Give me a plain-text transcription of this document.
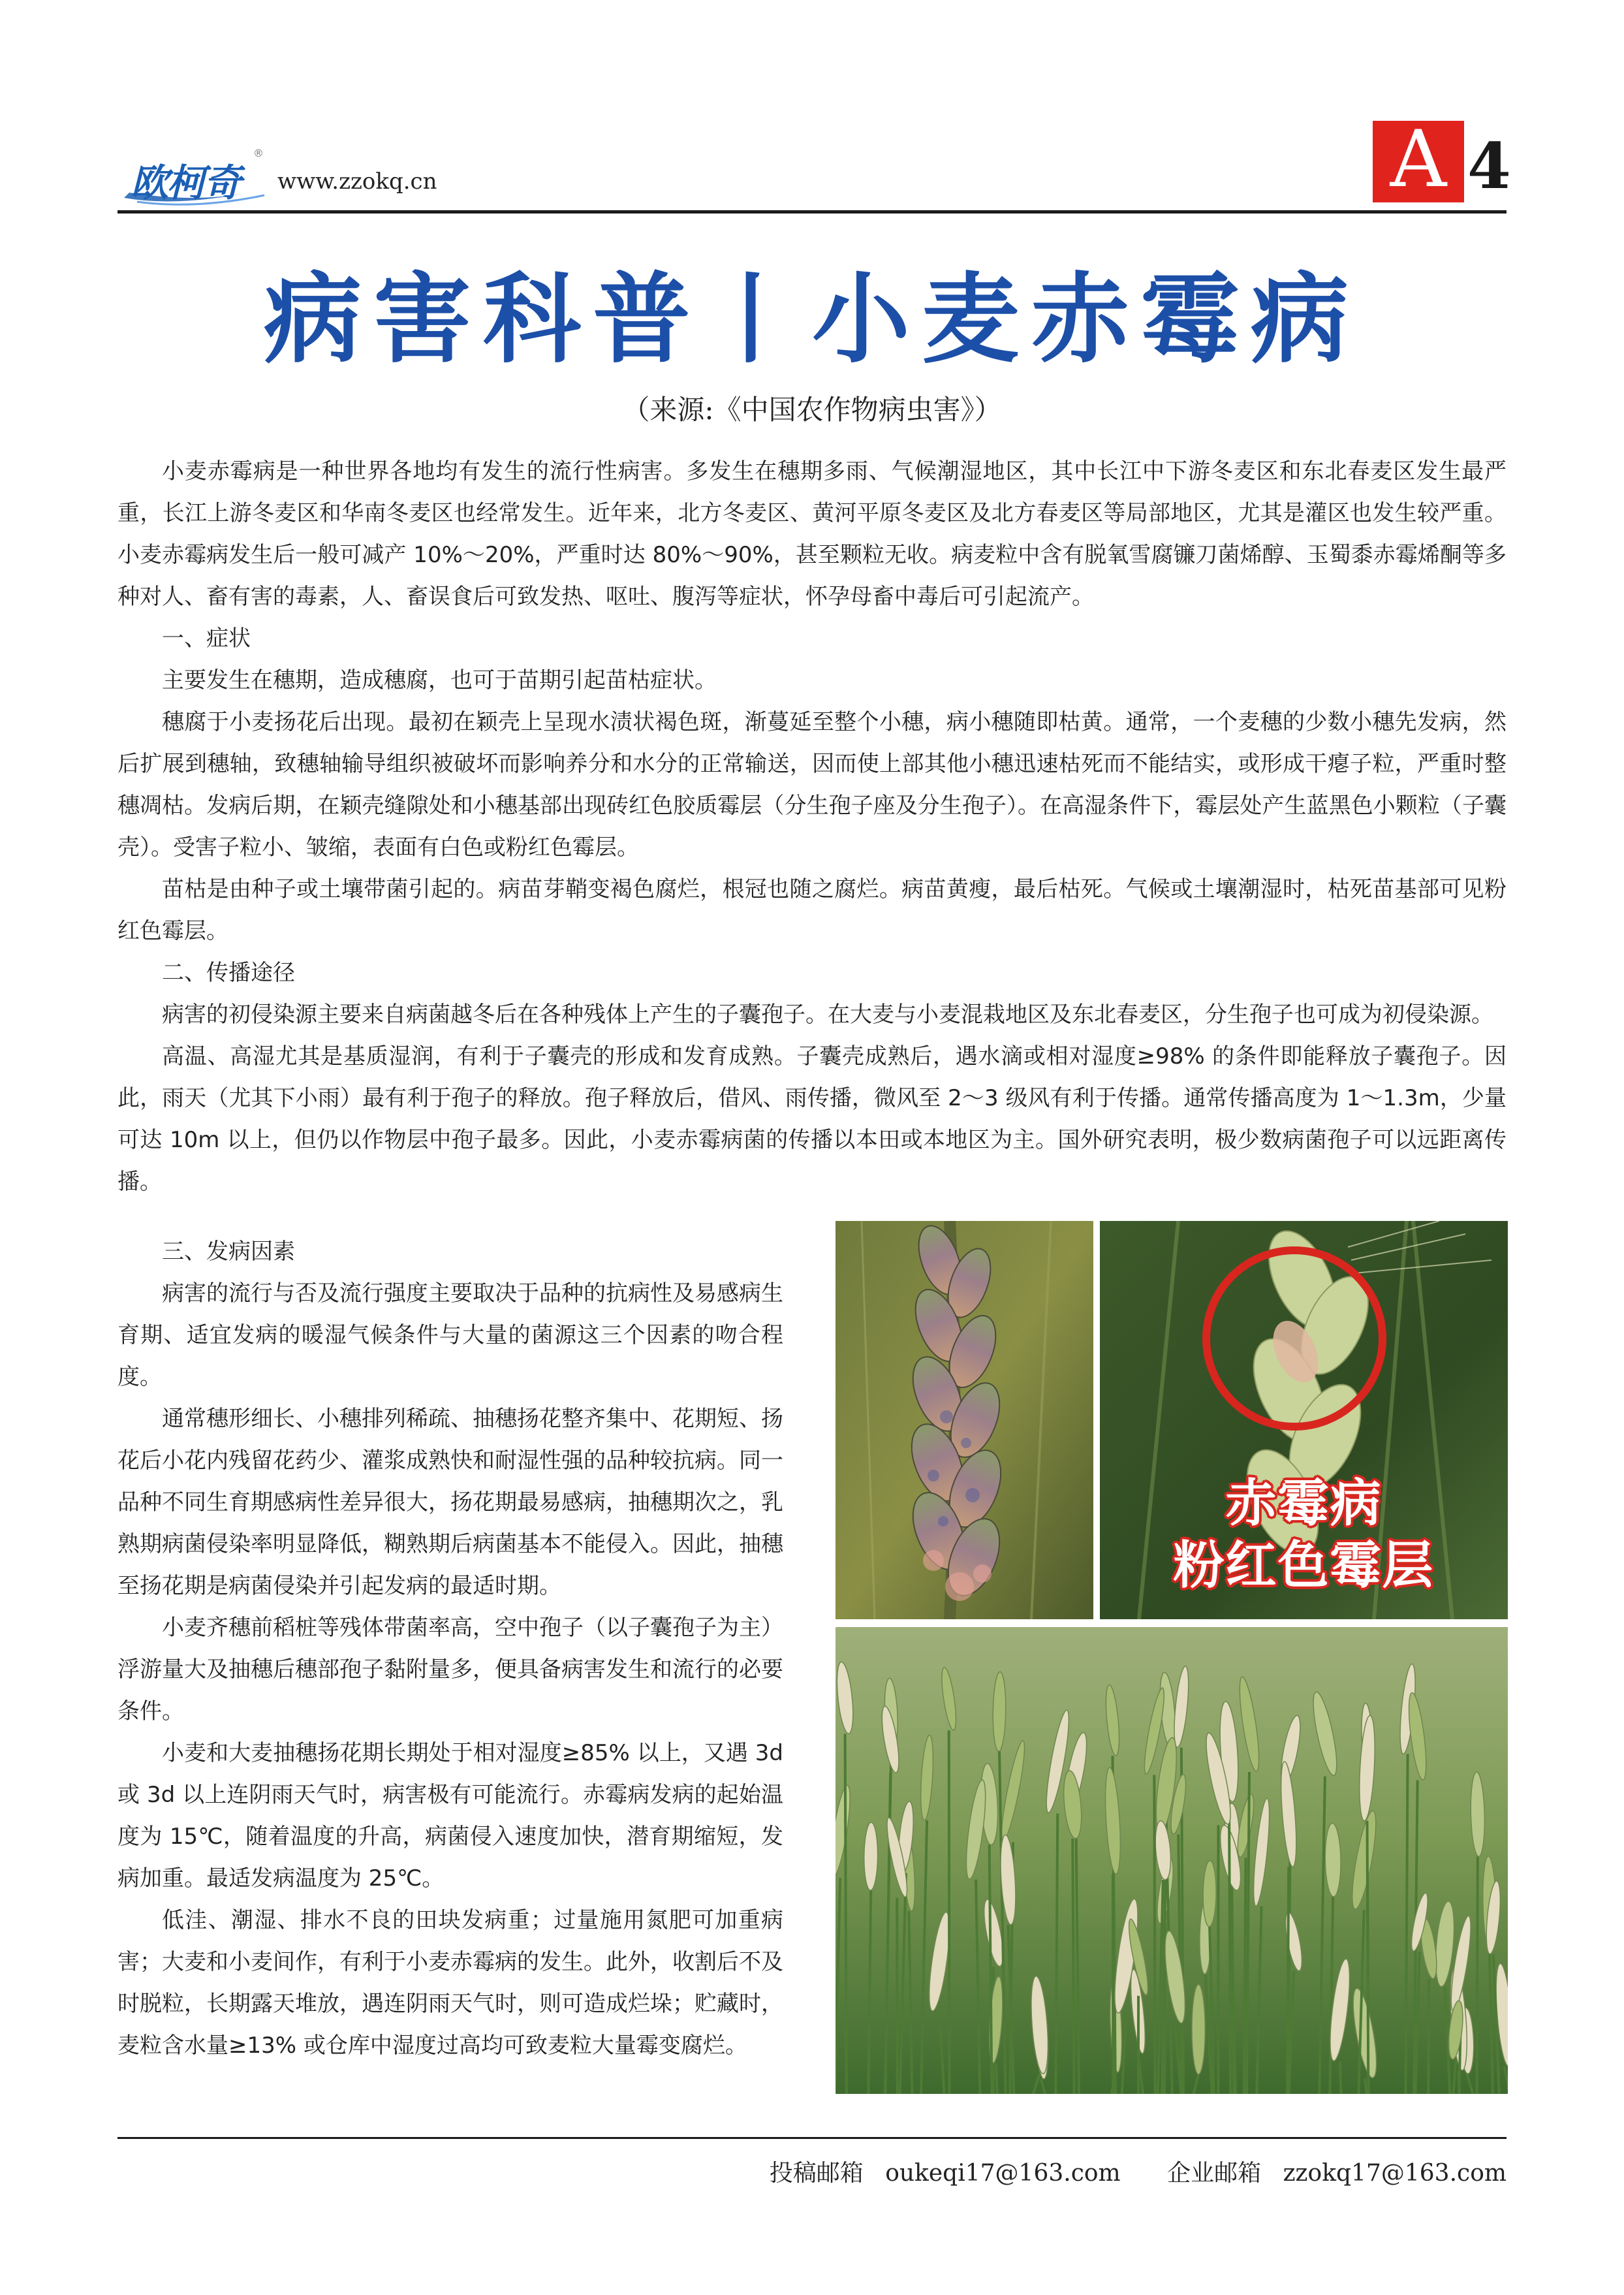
欧柯奇
®
www.zzokq.cn	A 4
病害科普丨小麦赤霉病
（来源:《中国农作物病虫害》）

小麦赤霉病是一种世界各地均有发生的流行性病害。多发生在穗期多雨、气候潮湿地区，其中长江中下游冬麦区和东北春麦区发生最严重，长江上游冬麦区和华南冬麦区也经常发生。近年来，北方冬麦区、黄河平原冬麦区及北方春麦区等局部地区，尤其是灌区也发生较严重。小麦赤霉病发生后一般可减产 10%～20%，严重时达 80%～90%，甚至颗粒无收。病麦粒中含有脱氧雪腐镰刀菌烯醇、玉蜀黍赤霉烯酮等多种对人、畜有害的毒素，人、畜误食后可致发热、呕吐、腹泻等症状，怀孕母畜中毒后可引起流产。

一、症状

主要发生在穗期，造成穗腐，也可于苗期引起苗枯症状。

穗腐于小麦扬花后出现。最初在颖壳上呈现水渍状褐色斑，渐蔓延至整个小穗，病小穗随即枯黄。通常，一个麦穗的少数小穗先发病，然后扩展到穗轴，致穗轴输导组织被破坏而影响养分和水分的正常输送，因而使上部其他小穗迅速枯死而不能结实，或形成干瘪子粒，严重时整穗凋枯。发病后期，在颖壳缝隙处和小穗基部出现砖红色胶质霉层（分生孢子座及分生孢子）。在高湿条件下，霉层处产生蓝黑色小颗粒（子囊壳）。受害子粒小、皱缩，表面有白色或粉红色霉层。

苗枯是由种子或土壤带菌引起的。病苗芽鞘变褐色腐烂，根冠也随之腐烂。病苗黄瘦，最后枯死。气候或土壤潮湿时，枯死苗基部可见粉红色霉层。

二、传播途径

病害的初侵染源主要来自病菌越冬后在各种残体上产生的子囊孢子。在大麦与小麦混栽地区及东北春麦区，分生孢子也可成为初侵染源。

高温、高湿尤其是基质湿润，有利于子囊壳的形成和发育成熟。子囊壳成熟后，遇水滴或相对湿度≥98% 的条件即能释放子囊孢子。因此，雨天（尤其下小雨）最有利于孢子的释放。孢子释放后，借风、雨传播，微风至 2～3 级风有利于传播。通常传播高度为 1～1.3m，少量可达 10m 以上，但仍以作物层中孢子最多。因此，小麦赤霉病菌的传播以本田或本地区为主。国外研究表明，极少数病菌孢子可以远距离传播。

三、发病因素

病害的流行与否及流行强度主要取决于品种的抗病性及易感病生育期、适宜发病的暖湿气候条件与大量的菌源这三个因素的吻合程度。

通常穗形细长、小穗排列稀疏、抽穗扬花整齐集中、花期短、扬花后小花内残留花药少、灌浆成熟快和耐湿性强的品种较抗病。同一品种不同生育期感病性差异很大，扬花期最易感病，抽穗期次之，乳熟期病菌侵染率明显降低，糊熟期后病菌基本不能侵入。因此，抽穗至扬花期是病菌侵染并引起发病的最适时期。

小麦齐穗前稻桩等残体带菌率高，空中孢子（以子囊孢子为主）浮游量大及抽穗后穗部孢子黏附量多，便具备病害发生和流行的必要条件。

小麦和大麦抽穗扬花期长期处于相对湿度≥85% 以上，又遇 3d 或 3d 以上连阴雨天气时，病害极有可能流行。赤霉病发病的起始温度为 15℃，随着温度的升高，病菌侵入速度加快，潜育期缩短，发病加重。最适发病温度为 25℃。

低洼、潮湿、排水不良的田块发病重；过量施用氮肥可加重病害；大麦和小麦间作，有利于小麦赤霉病的发生。此外，收割后不及时脱粒，长期露天堆放，遇连阴雨天气时，则可造成烂垛；贮藏时，麦粒含水量≥13% 或仓库中湿度过高均可致麦粒大量霉变腐烂。

赤霉病
粉红色霉层
投稿邮箱 oukeqi17@163.com 企业邮箱 zzokq17@163.com
